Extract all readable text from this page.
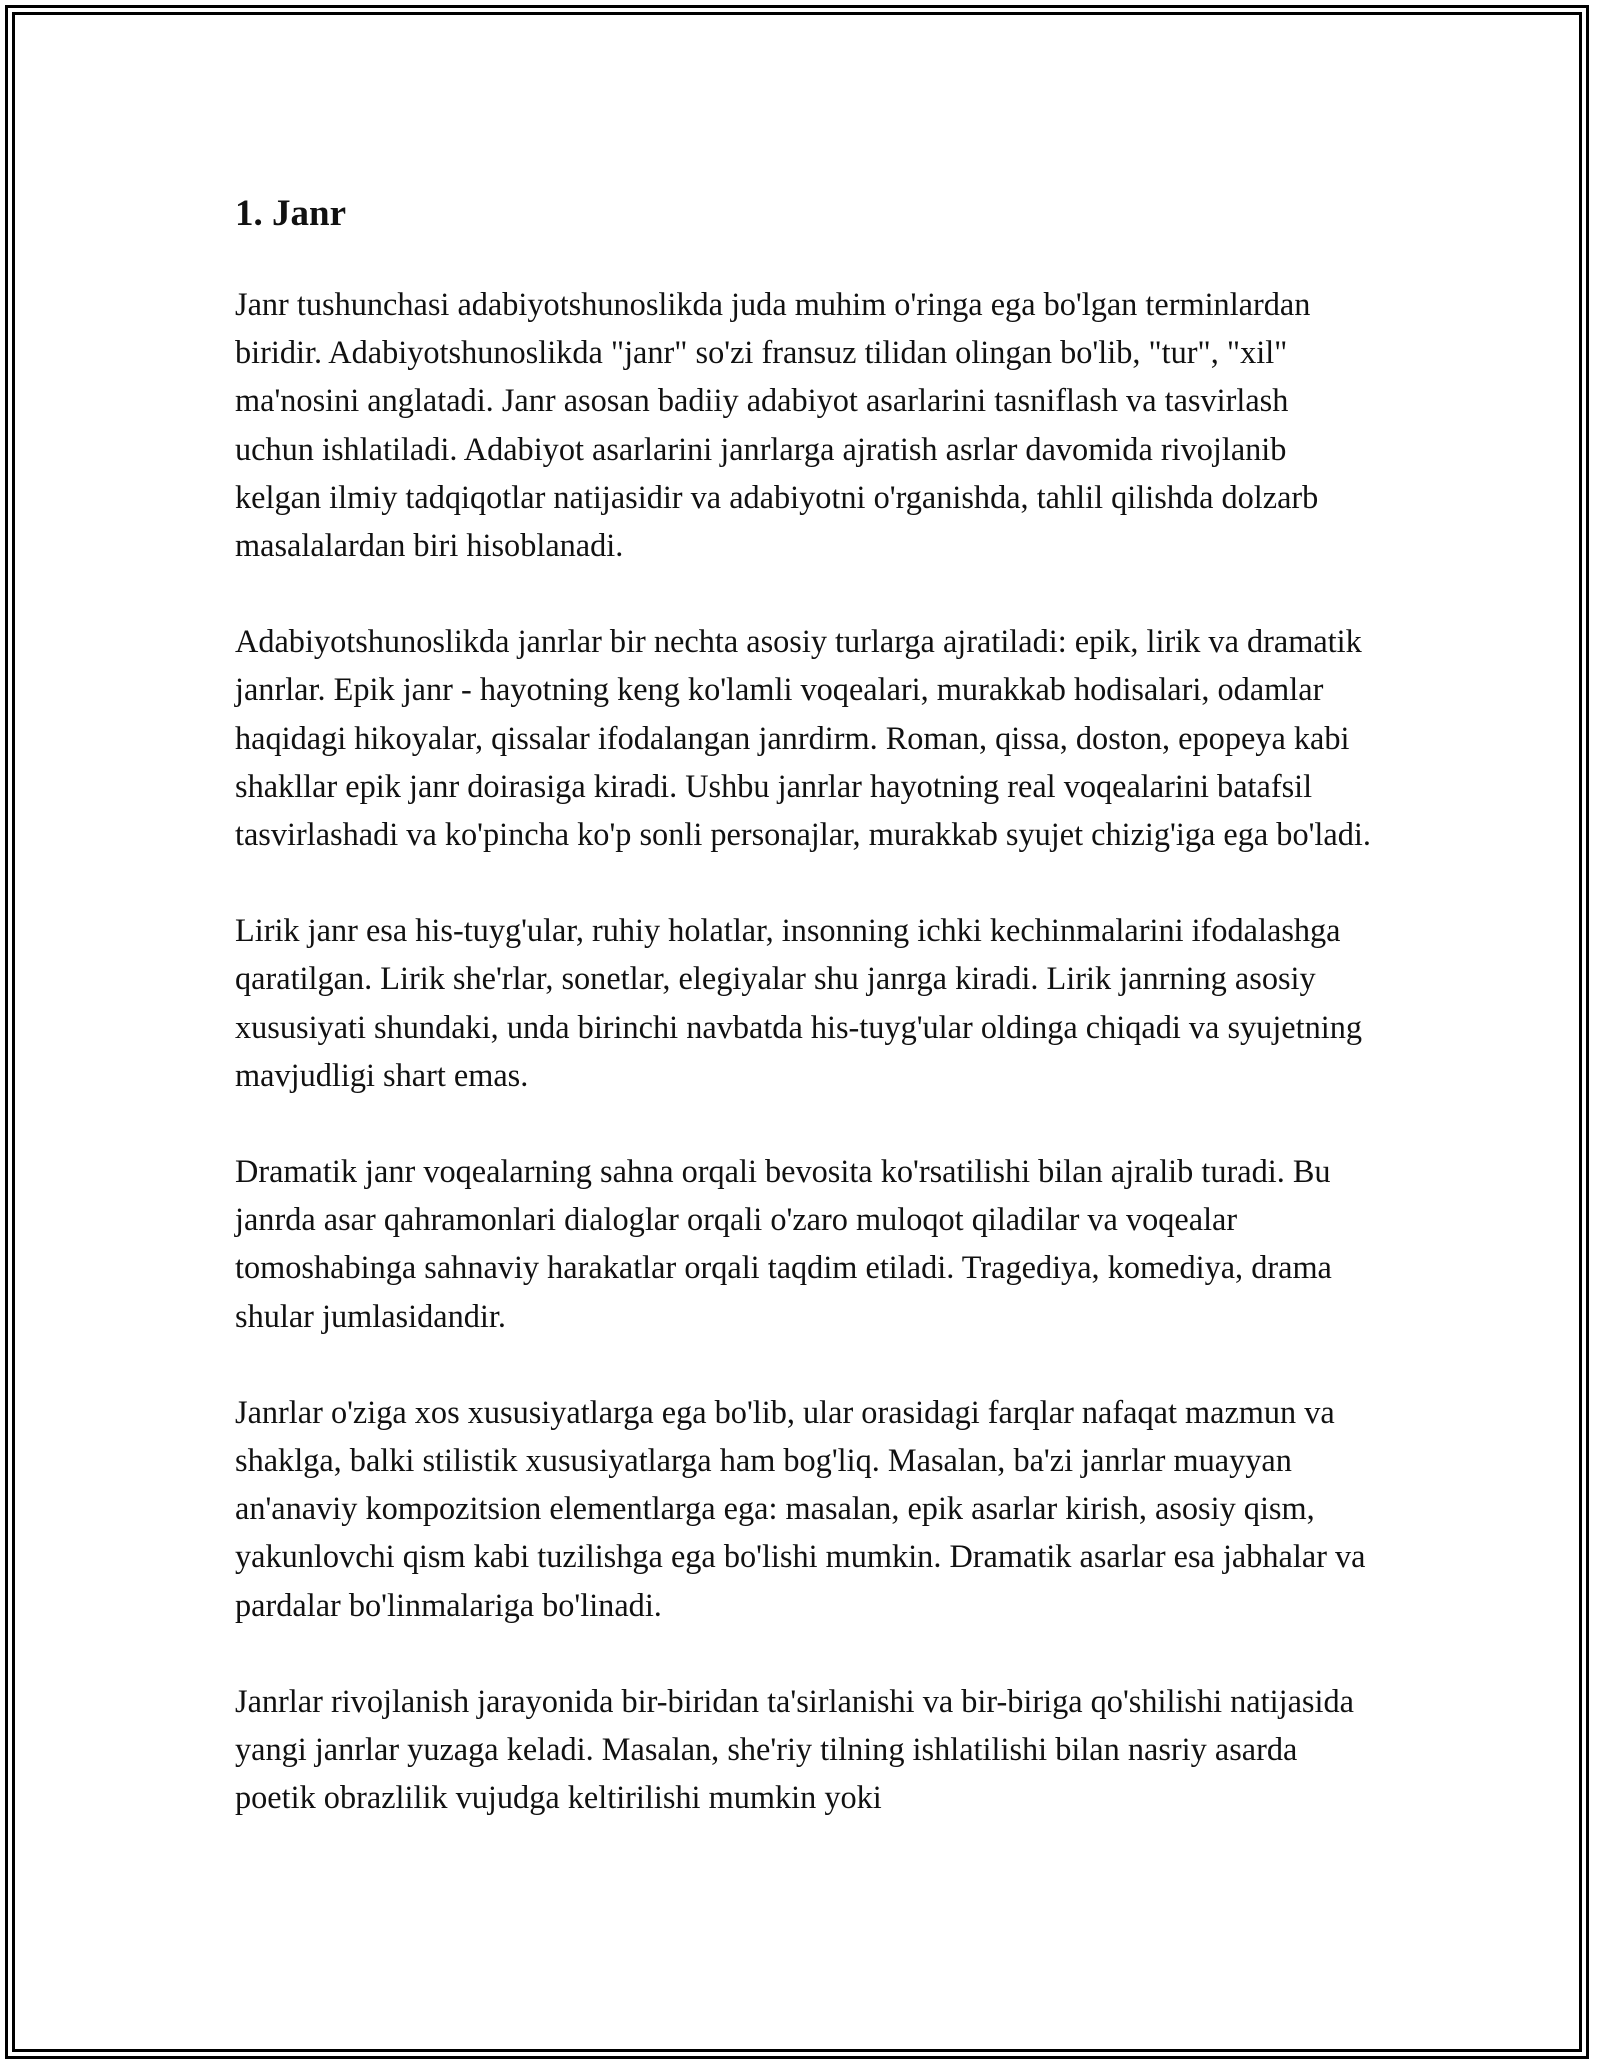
1. Janr

Janr tushunchasi adabiyotshunoslikda juda muhim o'ringa ega bo'lgan terminlardan biridir. Adabiyotshunoslikda "janr" so'zi fransuz tilidan olingan bo'lib, "tur", "xil" ma'nosini anglatadi. Janr asosan badiiy adabiyot asarlarini tasniflash va tasvirlash uchun ishlatiladi. Adabiyot asarlarini janrlarga ajratish asrlar davomida rivojlanib kelgan ilmiy tadqiqotlar natijasidir va adabiyotni o'rganishda, tahlil qilishda dolzarb masalalardan biri hisoblanadi.

Adabiyotshunoslikda janrlar bir nechta asosiy turlarga ajratiladi: epik, lirik va dramatik janrlar. Epik janr - hayotning keng ko'lamli voqealari, murakkab hodisalari, odamlar haqidagi hikoyalar, qissalar ifodalangan janrdirm. Roman, qissa, doston, epopeya kabi shakllar epik janr doirasiga kiradi. Ushbu janrlar hayotning real voqealarini batafsil tasvirlashadi va ko'pincha ko'p sonli personajlar, murakkab syujet chizig'iga ega bo'ladi.

Lirik janr esa his-tuyg'ular, ruhiy holatlar, insonning ichki kechinmalarini ifodalashga qaratilgan. Lirik she'rlar, sonetlar, elegiyalar shu janrga kiradi. Lirik janrning asosiy xususiyati shundaki, unda birinchi navbatda his-tuyg'ular oldinga chiqadi va syujetning mavjudligi shart emas.

Dramatik janr voqealarning sahna orqali bevosita ko'rsatilishi bilan ajralib turadi. Bu janrda asar qahramonlari dialoglar orqali o'zaro muloqot qiladilar va voqealar tomoshabinga sahnaviy harakatlar orqali taqdim etiladi. Tragediya, komediya, drama shular jumlasidandir.

Janrlar o'ziga xos xususiyatlarga ega bo'lib, ular orasidagi farqlar nafaqat mazmun va shaklga, balki stilistik xususiyatlarga ham bog'liq. Masalan, ba'zi janrlar muayyan an'anaviy kompozitsion elementlarga ega: masalan, epik asarlar kirish, asosiy qism, yakunlovchi qism kabi tuzilishga ega bo'lishi mumkin. Dramatik asarlar esa jabhalar va pardalar bo'linmalariga bo'linadi.

Janrlar rivojlanish jarayonida bir-biridan ta'sirlanishi va bir-biriga qo'shilishi natijasida yangi janrlar yuzaga keladi. Masalan, she'riy tilning ishlatilishi bilan nasriy asarda poetik obrazlilik vujudga keltirilishi mumkin yoki
